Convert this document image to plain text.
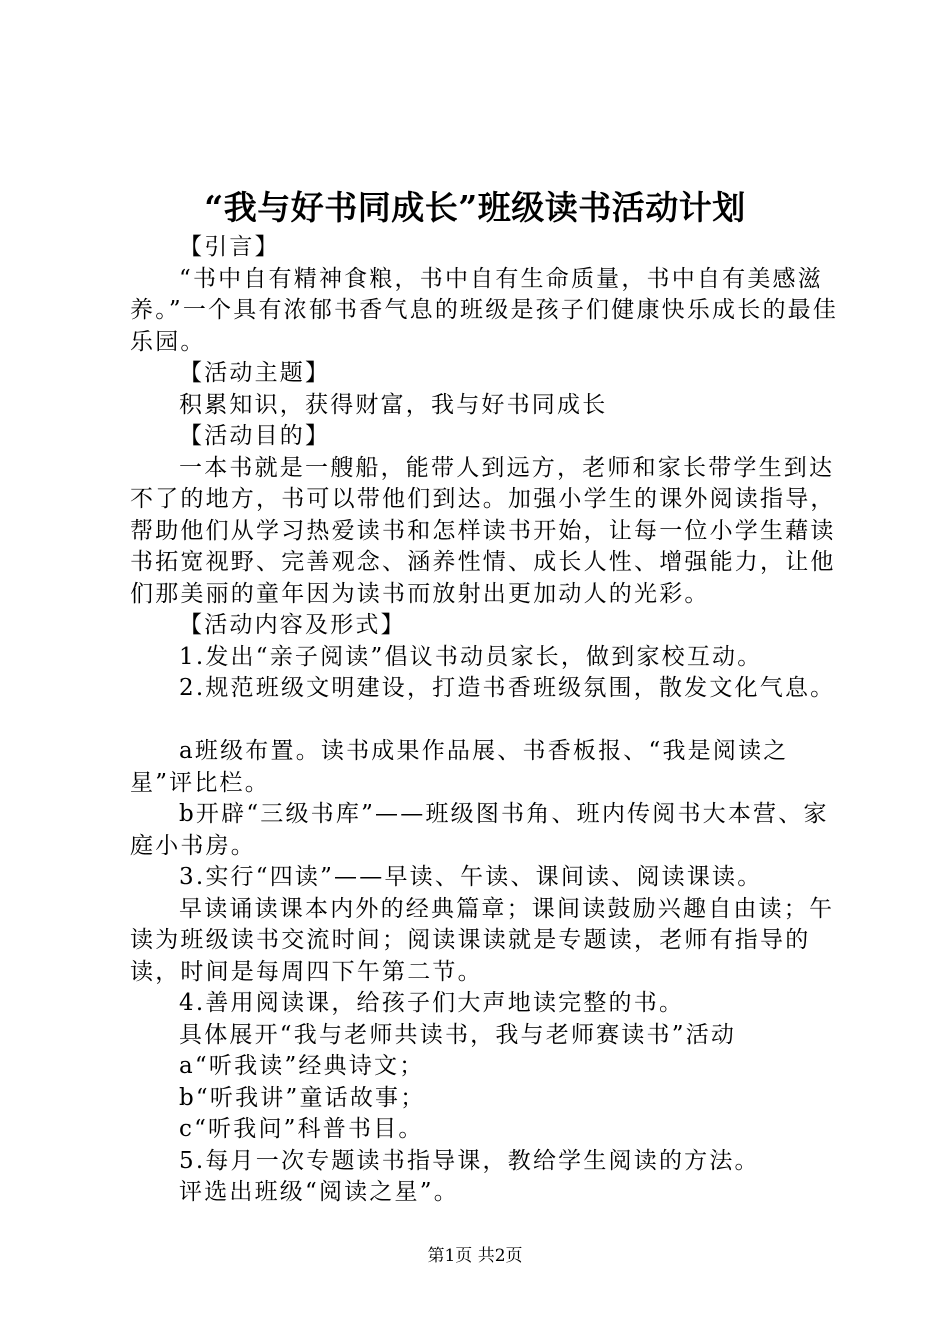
“我与好书同成长”班级读书活动计划

【引言】

“书中自有精神食粮，书中自有生命质量，书中自有美感滋养。”一个具有浓郁书香气息的班级是孩子们健康快乐成长的最佳乐园。

【活动主题】

积累知识，获得财富，我与好书同成长

【活动目的】

一本书就是一艘船，能带人到远方，老师和家长带学生到达不了的地方，书可以带他们到达。加强小学生的课外阅读指导，帮助他们从学习热爱读书和怎样读书开始，让每一位小学生藉读书拓宽视野、完善观念、涵养性情、成长人性、增强能力，让他们那美丽的童年因为读书而放射出更加动人的光彩。

【活动内容及形式】

1.发出“亲子阅读”倡议书动员家长，做到家校互动。

2.规范班级文明建设，打造书香班级氛围，散发文化气息。

a班级布置。读书成果作品展、书香板报、“我是阅读之星”评比栏。

b开辟“三级书库”——班级图书角、班内传阅书大本营、家庭小书房。

3.实行“四读”——早读、午读、课间读、阅读课读。

早读诵读课本内外的经典篇章；课间读鼓励兴趣自由读；午读为班级读书交流时间；阅读课读就是专题读，老师有指导的读，时间是每周四下午第二节。

4.善用阅读课，给孩子们大声地读完整的书。

具体展开“我与老师共读书，我与老师赛读书”活动

a“听我读”经典诗文；

b“听我讲”童话故事；

c“听我问”科普书目。

5.每月一次专题读书指导课，教给学生阅读的方法。

评选出班级“阅读之星”。

第1页 共2页
